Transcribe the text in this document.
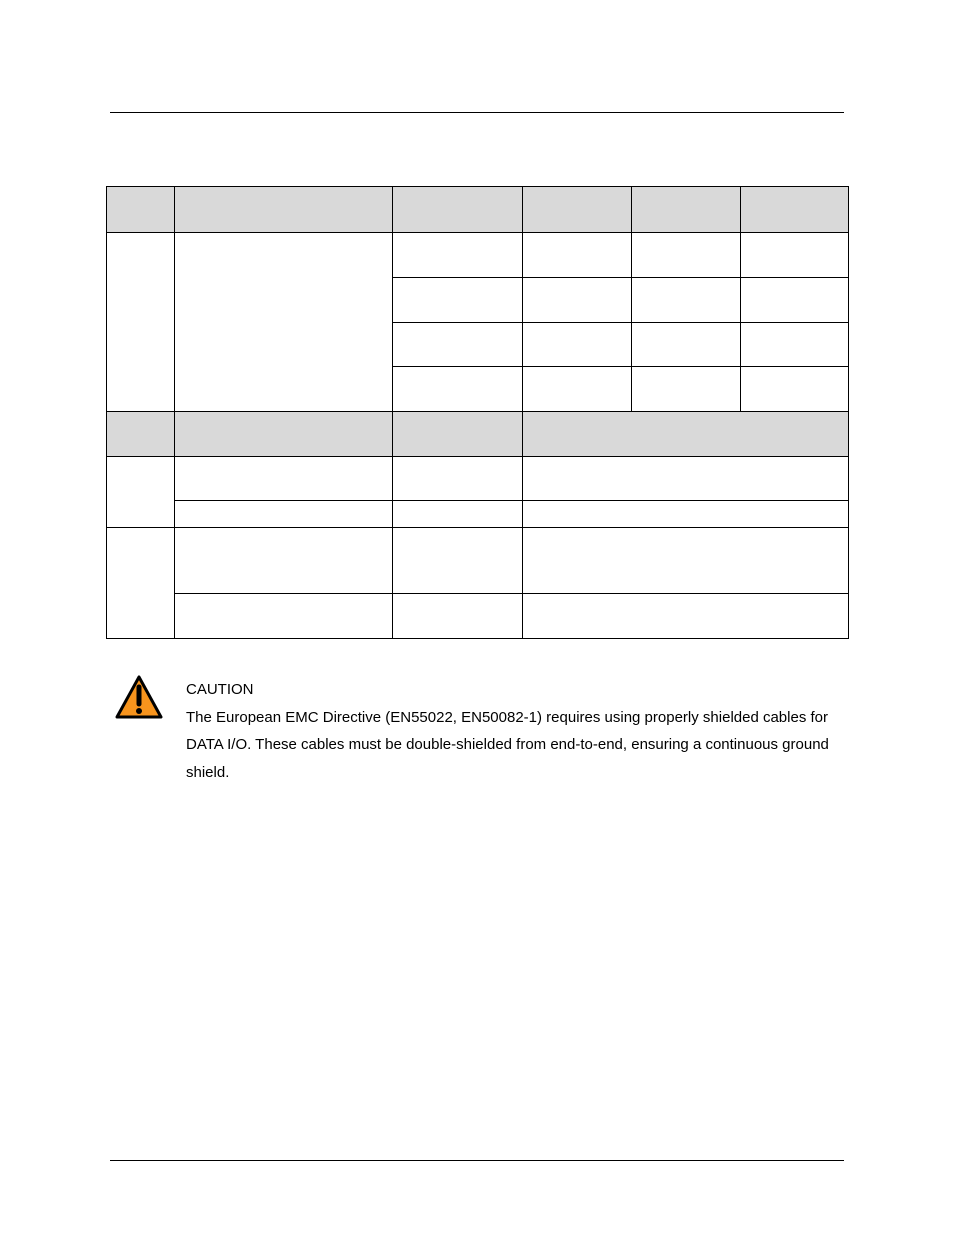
CAUTION

The European EMC Directive (EN55022, EN50082-1) requires using properly shielded cables for DATA I/O. These cables must be double-shielded from end-to-end, ensuring a continuous ground shield.
